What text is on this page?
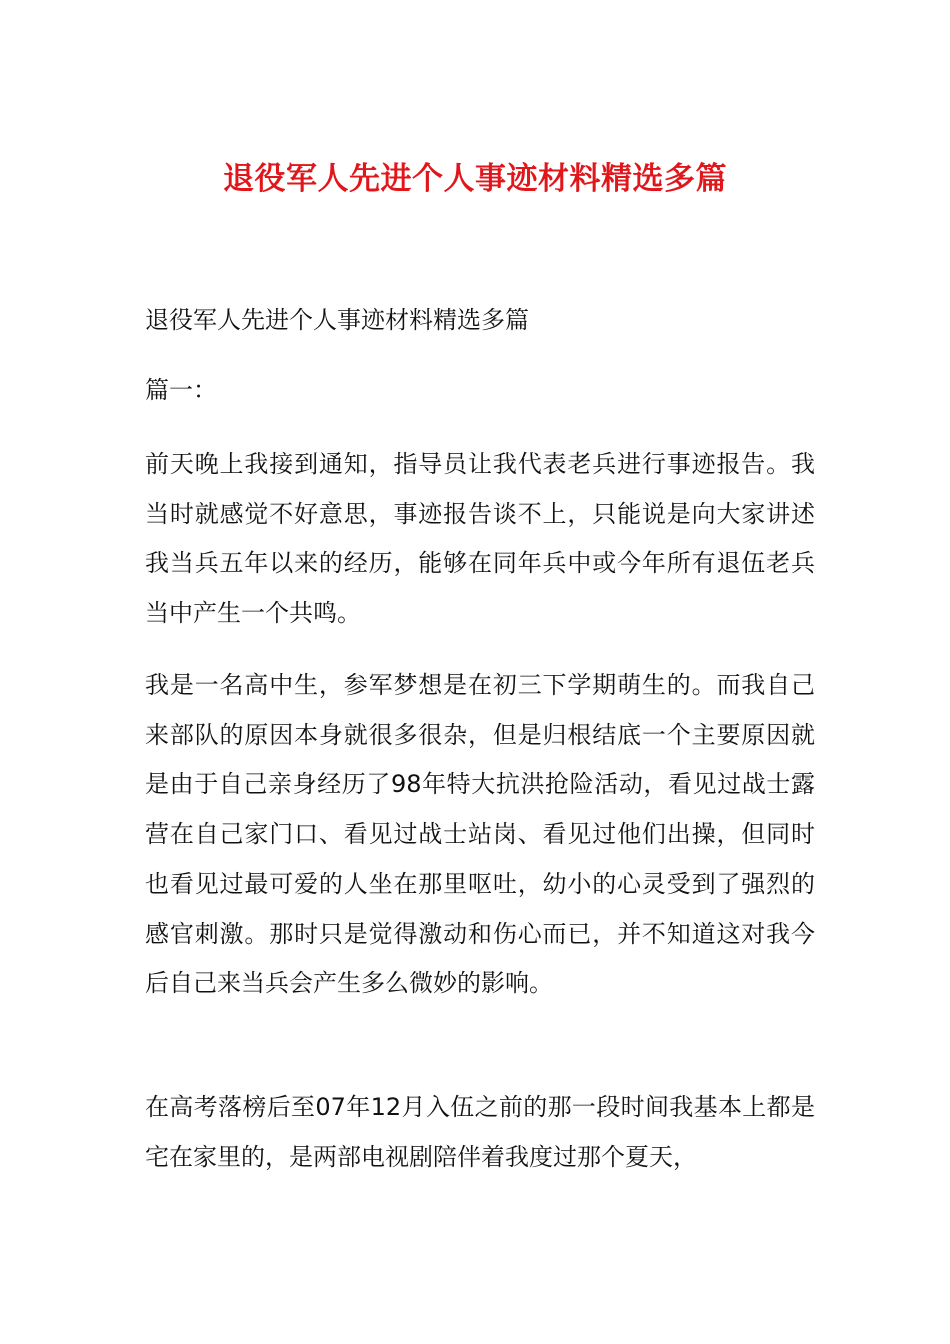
退役军人先进个人事迹材料精选多篇
退役军人先进个人事迹材料精选多篇
篇一：
前天晚上我接到通知，指导员让我代表老兵进行事迹报告。我当时就感觉不好意思，事迹报告谈不上，只能说是向大家讲述我当兵五年以来的经历，能够在同年兵中或今年所有退伍老兵当中产生一个共鸣。
我是一名高中生，参军梦想是在初三下学期萌生的。而我自己来部队的原因本身就很多很杂，但是归根结底一个主要原因就是由于自己亲身经历了98年特大抗洪抢险活动，看见过战士露营在自己家门口、看见过战士站岗、看见过他们出操，但同时也看见过最可爱的人坐在那里呕吐，幼小的心灵受到了强烈的感官刺激。那时只是觉得激动和伤心而已，并不知道这对我今后自己来当兵会产生多么微妙的影响。
在高考落榜后至07年12月入伍之前的那一段时间我基本上都是宅在家里的，是两部电视剧陪伴着我度过那个夏天，
